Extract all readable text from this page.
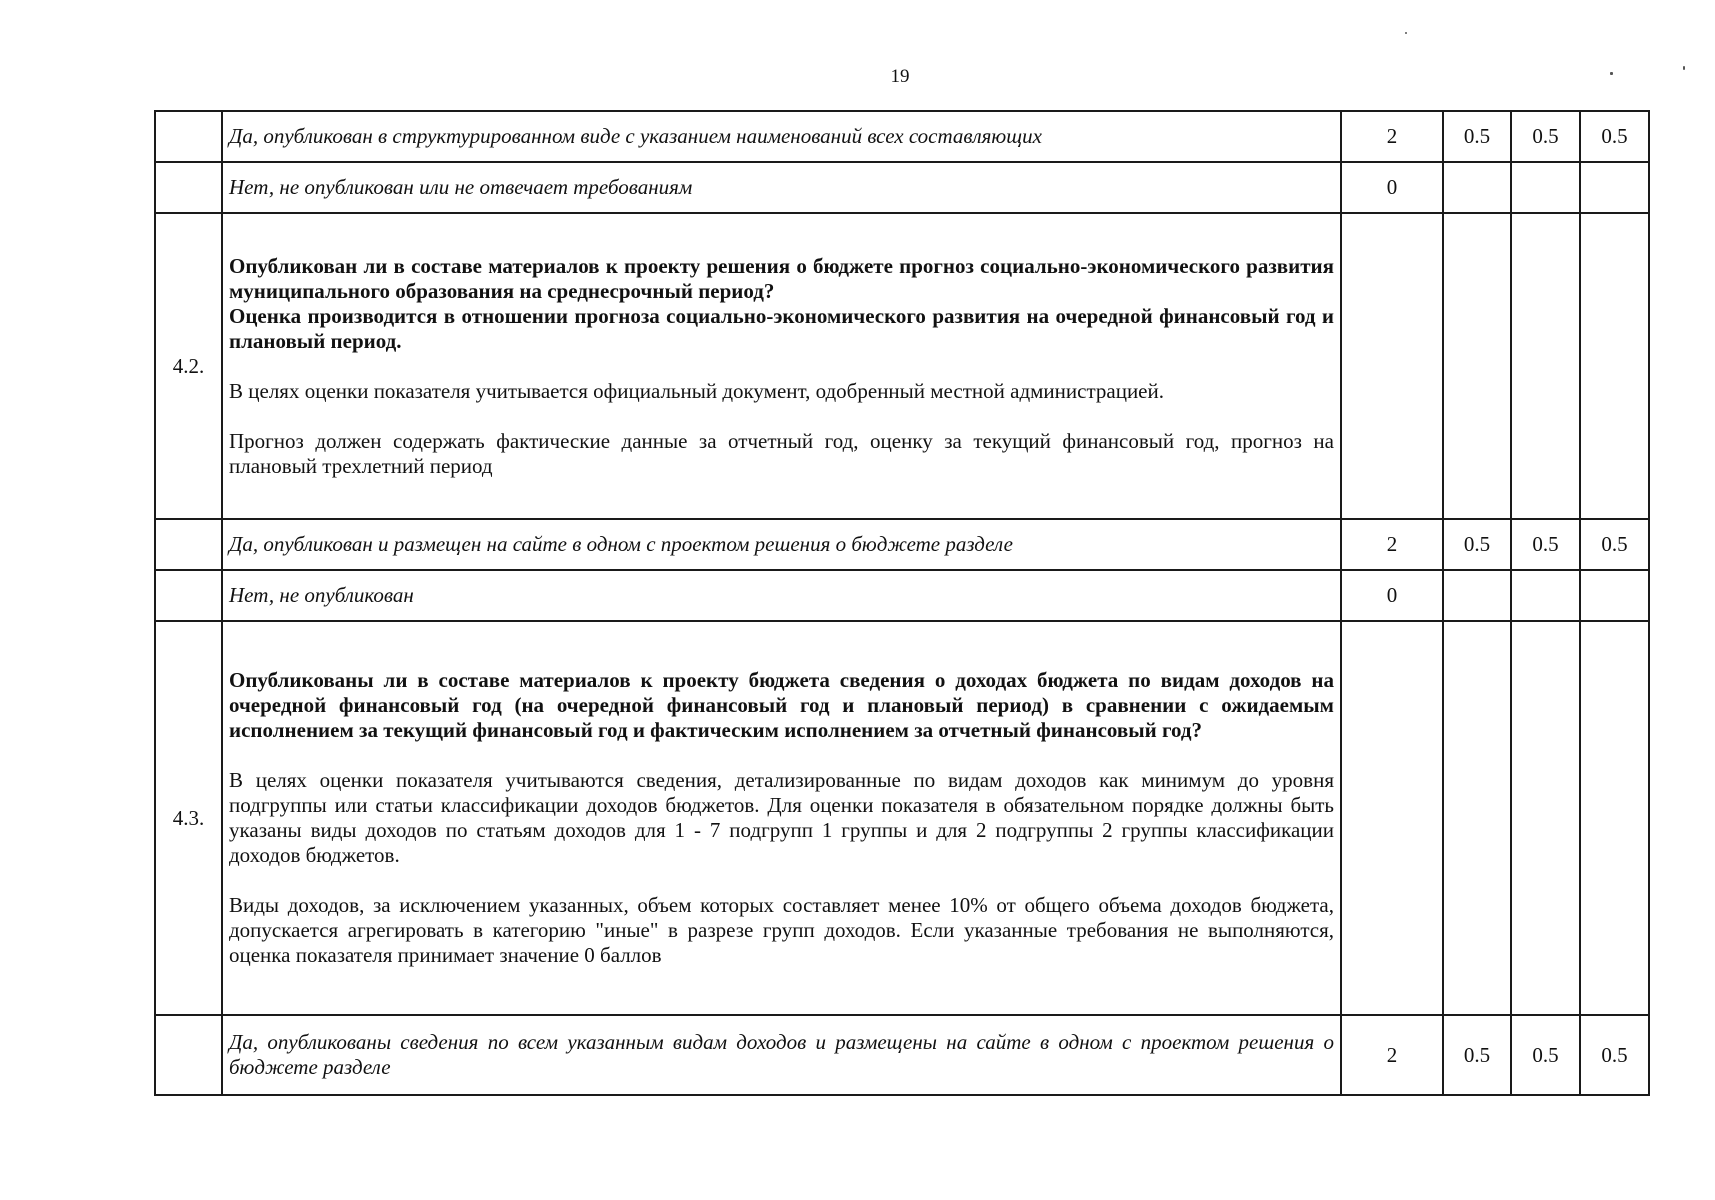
19

	Да, опубликован в структурированном виде с указанием наименований всех составляющих	2	0.5	0.5	0.5

	Нет, не опубликован или не отвечает требованиям	0			
4.2.	Опубликован ли в составе материалов к проекту решения о бюджете прогноз социально-экономического развития муниципального образования на среднесрочный период?

Оценка производится в отношении прогноза социально-экономического развития на очередной финансовый год и плановый период.

В целях оценки показателя учитывается официальный документ, одобренный местной администрацией.

Прогноз должен содержать фактические данные за отчетный год, оценку за текущий финансовый год, прогноз на плановый трехлетний период				

	Да, опубликован и размещен на сайте в одном с проектом решения о бюджете разделе	2	0.5	0.5	0.5

	Нет, не опубликован	0			
4.3.	Опубликованы ли в составе материалов к проекту бюджета сведения о доходах бюджета по видам доходов на очередной финансовый год (на очередной финансовый год и плановый период) в сравнении с ожидаемым исполнением за текущий финансовый год и фактическим исполнением за отчетный финансовый год?

В целях оценки показателя учитываются сведения, детализированные по видам доходов как минимум до уровня подгруппы или статьи классификации доходов бюджетов. Для оценки показателя в обязательном порядке должны быть указаны виды доходов по статьям доходов для 1 - 7 подгрупп 1 группы и для 2 подгруппы 2 группы классификации доходов бюджетов.

Виды доходов, за исключением указанных, объем которых составляет менее 10% от общего объема доходов бюджета, допускается агрегировать в категорию "иные" в разрезе групп доходов. Если указанные требования не выполняются, оценка показателя принимает значение 0 баллов				

	Да, опубликованы сведения по всем указанным видам доходов и размещены на сайте в одном с проектом решения о бюджете разделе	2	0.5	0.5	0.5
